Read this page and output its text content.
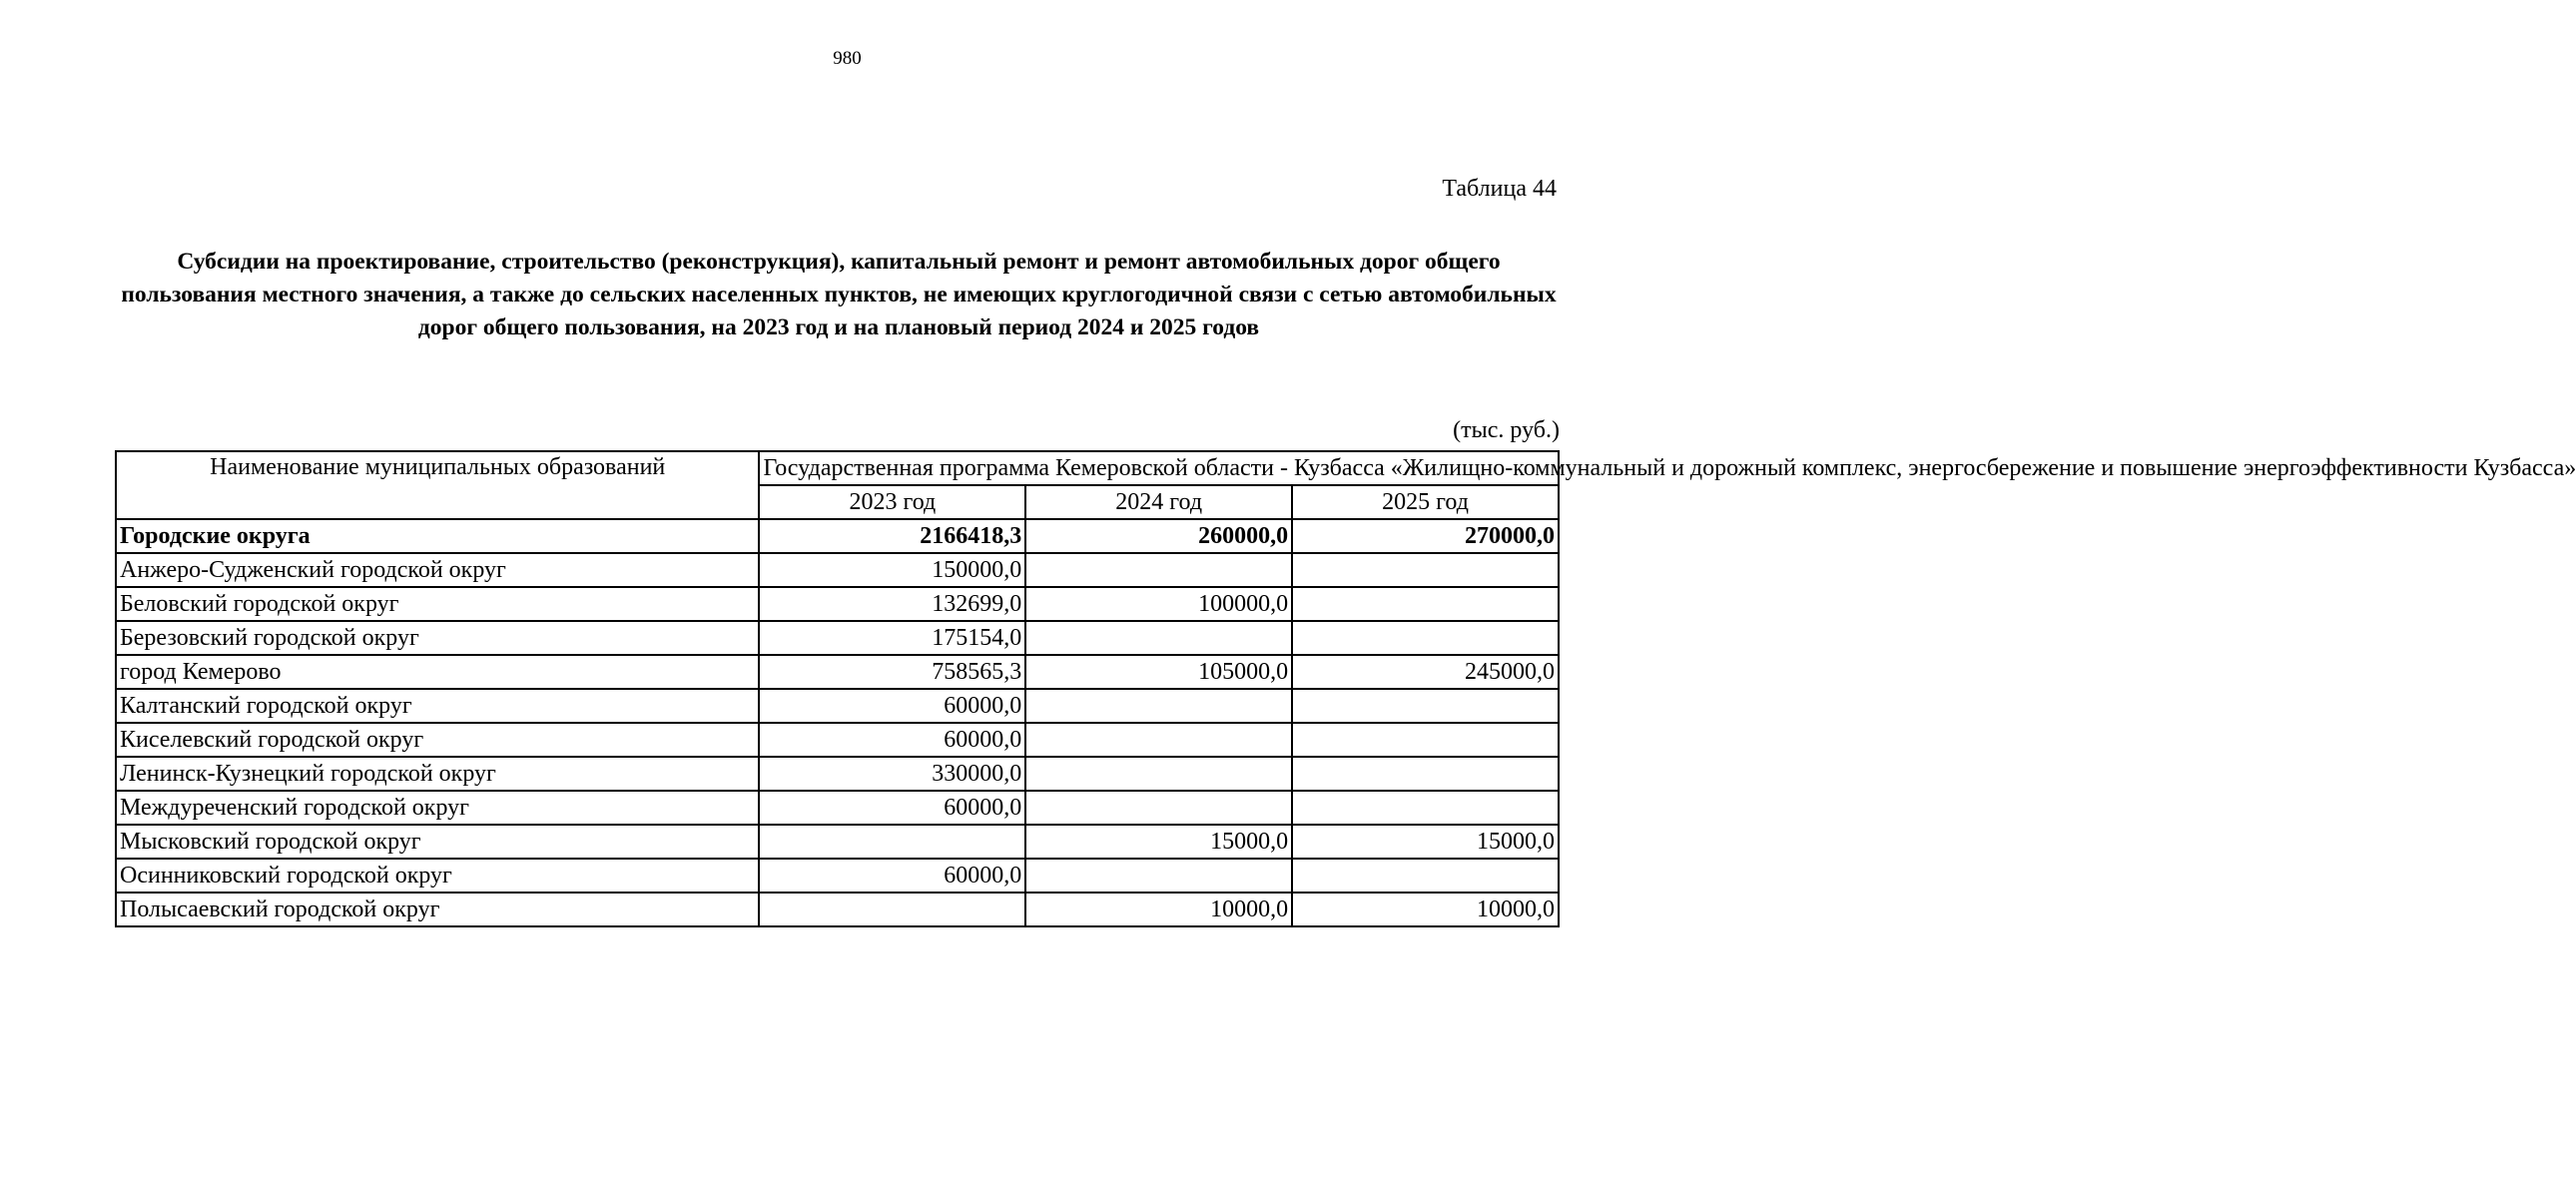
980
Таблица 44
Субсидии на проектирование, строительство (реконструкция), капитальный ремонт и ремонт автомобильных дорог общего пользования местного значения, а также до сельских населенных пунктов, не имеющих круглогодичной связи с сетью автомобильных дорог общего пользования, на 2023 год и на плановый период 2024 и 2025 годов
(тыс. руб.)
Наименование муниципальных образований	Государственная программа Кемеровской области - Кузбасса «Жилищно-коммунальный и дорожный комплекс, энергосбережение и повышение энергоэффективности Кузбасса»		
	2023 год	2024 год	2025 год
Городские округа	2166418,3	260000,0	270000,0
Анжеро-Судженский городской округ	150000,0		
Беловский городской округ	132699,0	100000,0	
Березовский городской округ	175154,0		
город Кемерово	758565,3	105000,0	245000,0
Калтанский городской округ	60000,0		
Киселевский городской округ	60000,0		
Ленинск-Кузнецкий городской округ	330000,0		
Междуреченский городской округ	60000,0		
Мысковский городской округ		15000,0	15000,0
Осинниковский городской округ	60000,0		
Полысаевский городской округ		10000,0	10000,0
